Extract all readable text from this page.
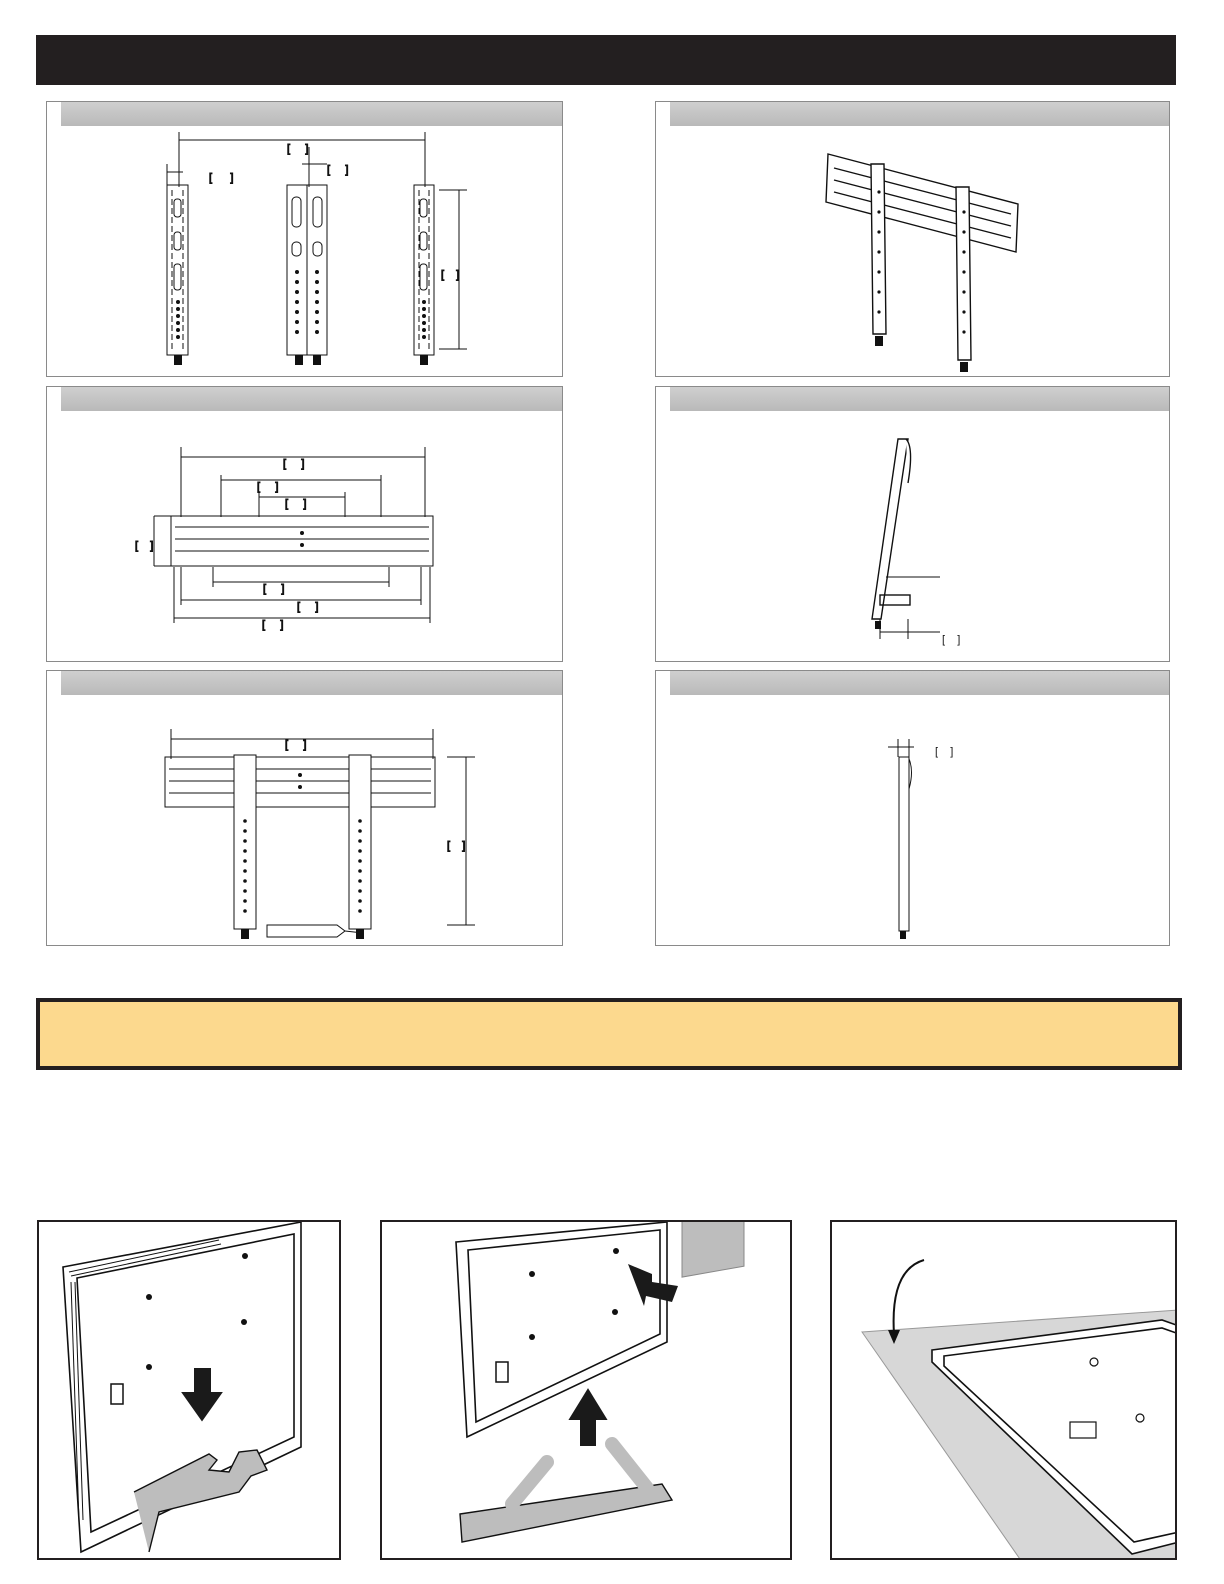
[     ]
[      ]
[     ]
[    ]
[     ]
[     ]
[     ]
[    ]
[     ]
[     ]
[     ]
[    ]
[     ]
[    ]
[    ]
